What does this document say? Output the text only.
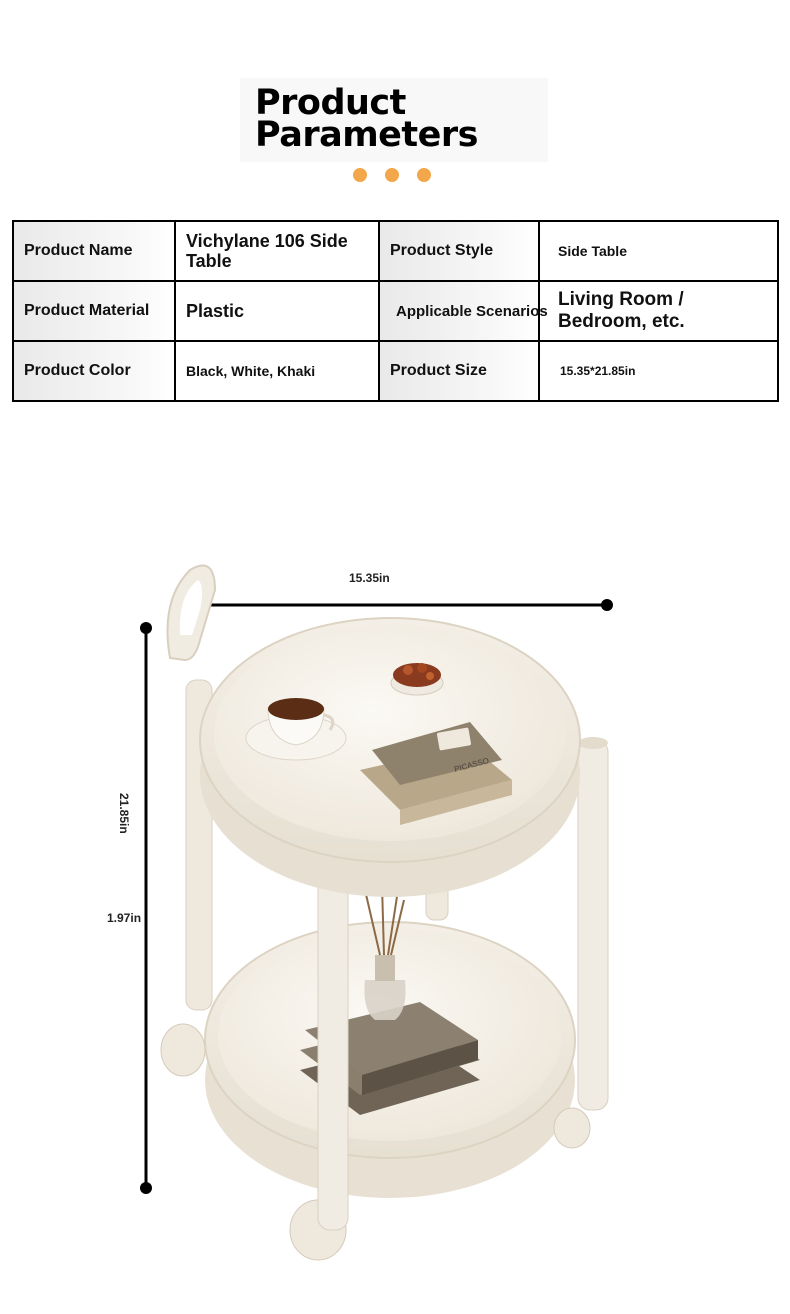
Product
Parameters
Product Name	Vichylane 106 Side Table	Product Style	Side Table
Product Material	Plastic	Applicable Scenarios	Living Room / Bedroom, etc.
Product Color	Black, White, Khaki	Product Size	15.35*21.85in
15.35in
21.85in
1.97in
PICASSO
